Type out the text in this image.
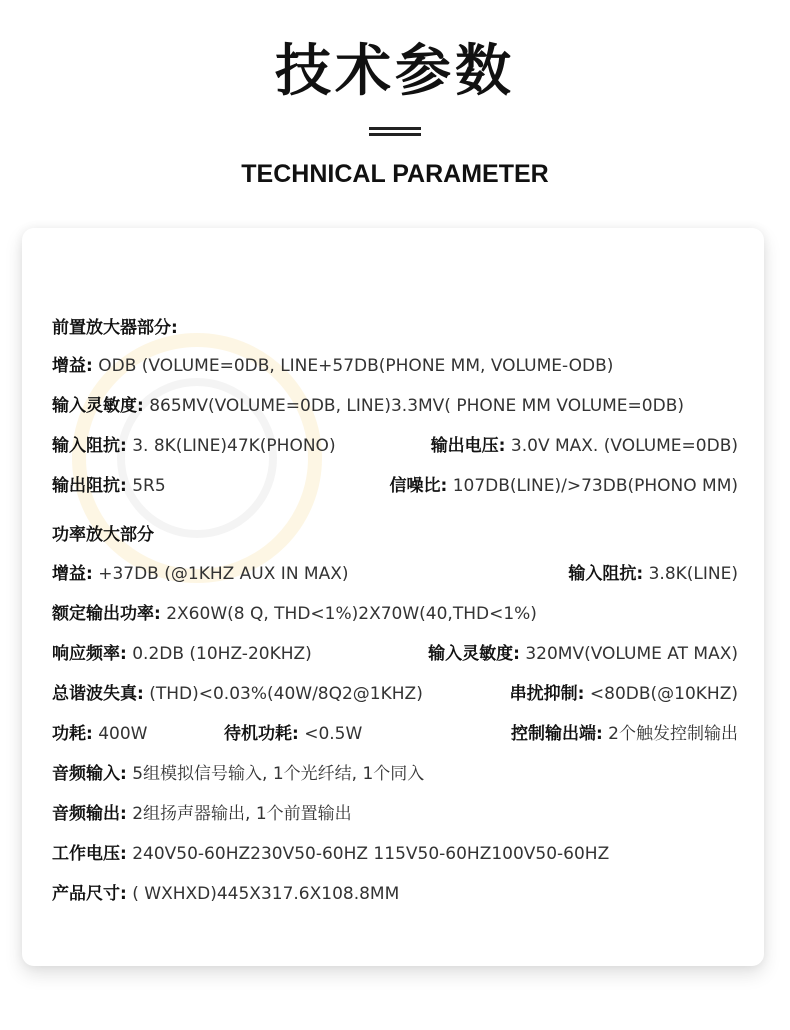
技术参数
TECHNICAL PARAMETER
前置放大器部分:
增益: ODB (VOLUME=0DB, LINE+57DB(PHONE MM, VOLUME-ODB)
输入灵敏度: 865MV(VOLUME=0DB, LINE)3.3MV( PHONE MM VOLUME=0DB)
输入阻抗: 3. 8K(LINE)47K(PHONO)	输出电压: 3.0V MAX. (VOLUME=0DB)
输出阻抗: 5R5	信噪比: 107DB(LINE)/>73DB(PHONO MM)
功率放大部分
增益: +37DB (@1KHZ AUX IN MAX)	输入阻抗: 3.8K(LINE)
额定输出功率: 2X60W(8 Q, THD<1%)2X70W(40,THD<1%)
响应频率: 0.2DB (10HZ-20KHZ)	输入灵敏度: 320MV(VOLUME AT MAX)
总谐波失真: (THD)<0.03%(40W/8Q2@1KHZ)	串扰抑制: <80DB(@10KHZ)
功耗: 400W	待机功耗: <0.5W	控制输出端: 2个触发控制输出
音频输入: 5组模拟信号输入, 1个光纤结, 1个同入
音频输出: 2组扬声器输出, 1个前置输出
工作电压: 240V50-60HZ230V50-60HZ 115V50-60HZ100V50-60HZ
产品尺寸: ( WXHXD)445X317.6X108.8MM
